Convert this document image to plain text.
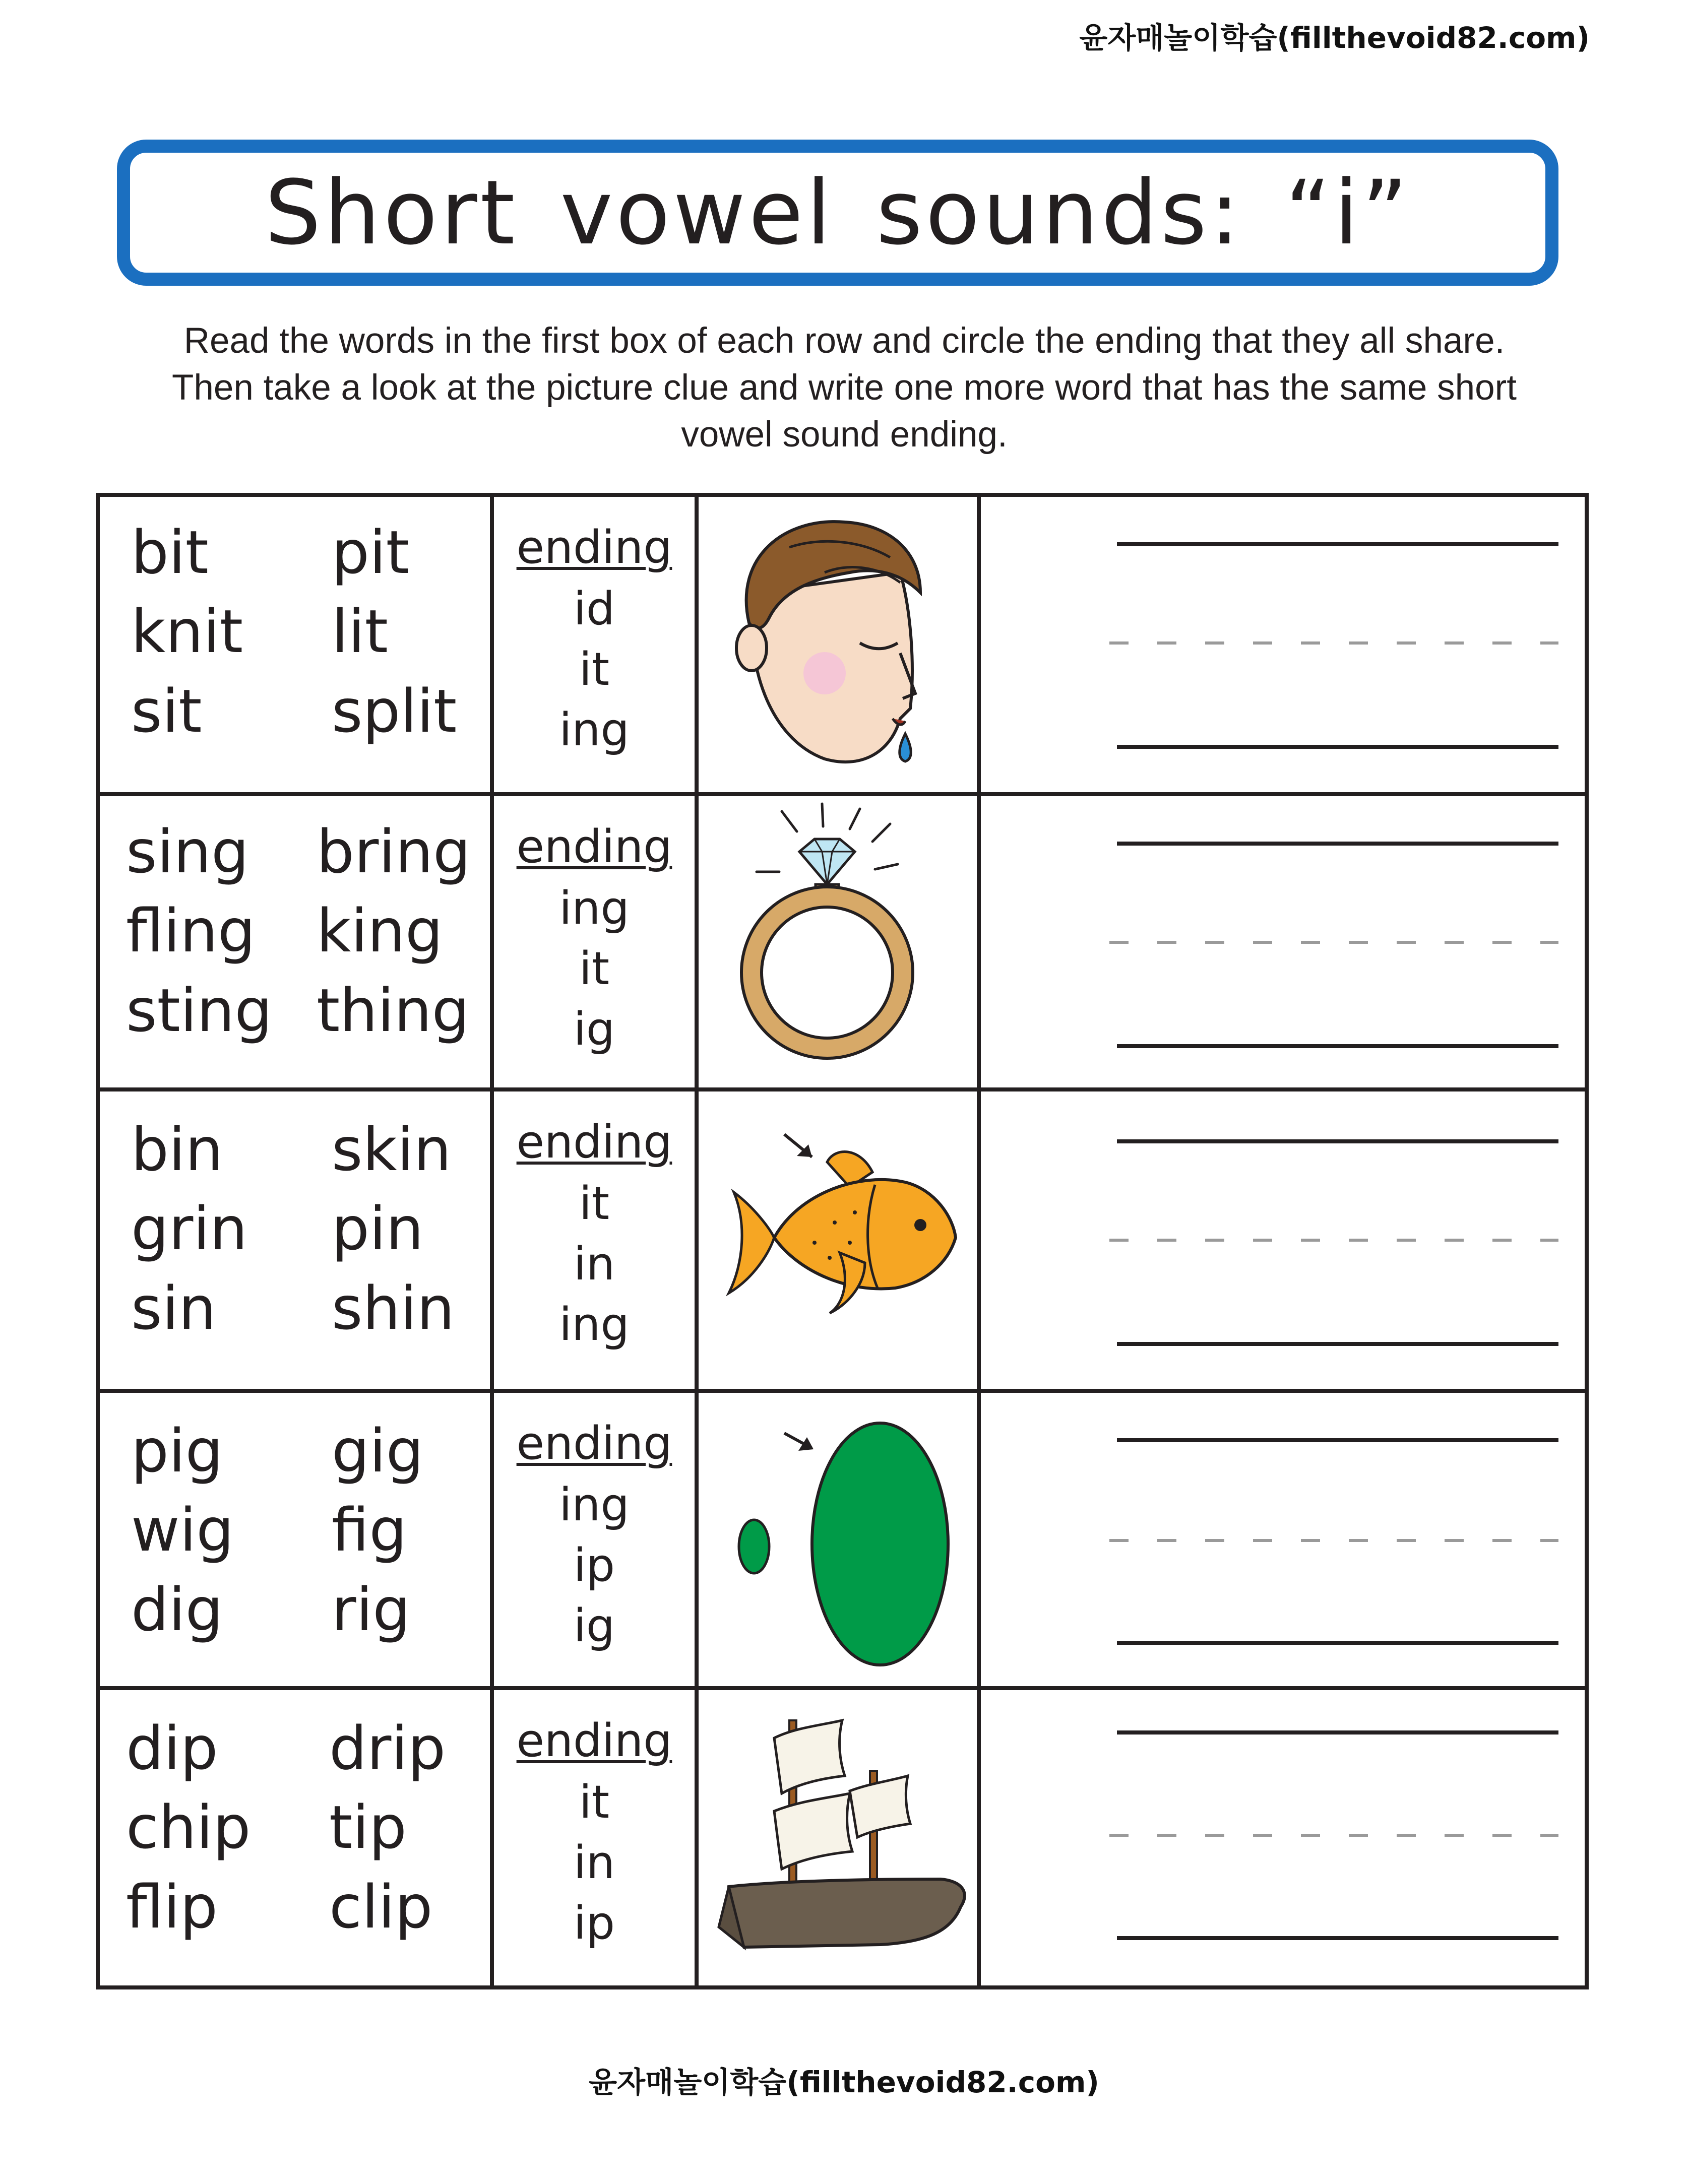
윤자매놀이학습(fillthevoid82.com)
Short vowel sounds: “i”
Read the words in the first box of each row and circle the ending that they all share.
Then take a look at the picture clue and write one more word that has the same short
vowel sound ending.
bit
knit
sit
pit
lit
split
ending
id
it
ing
sing
fling
sting
bring
king
thing
ending
ing
it
ig
bin
grin
sin
skin
pin
shin
ending
it
in
ing
pig
wig
dig
gig
fig
rig
ending
ing
ip
ig
dip
chip
flip
drip
tip
clip
ending
it
in
ip
윤자매놀이학습(fillthevoid82.com)
